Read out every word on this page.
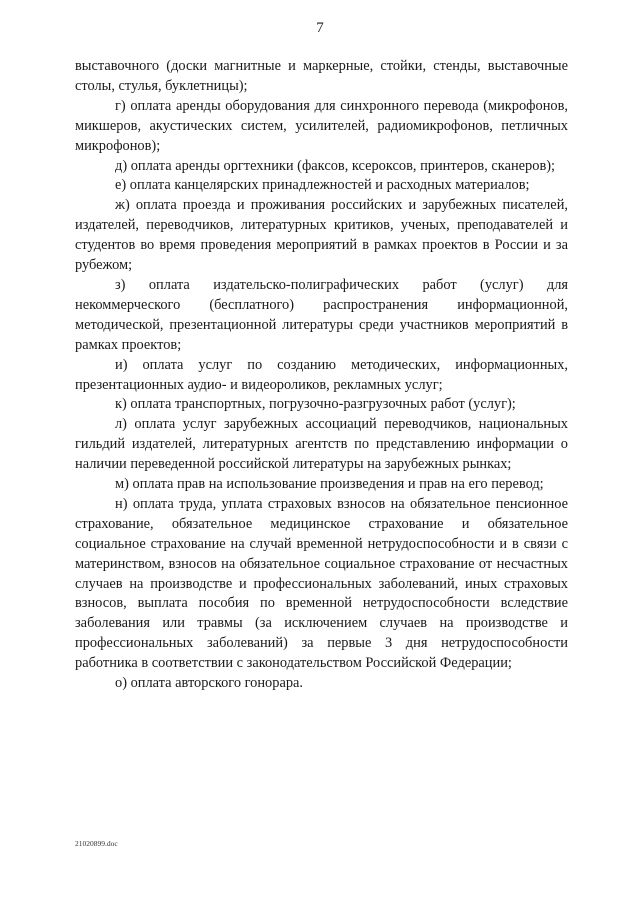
7

выставочного (доски магнитные и маркерные, стойки, стенды, выставочные столы, стулья, буклетницы);

г) оплата аренды оборудования для синхронного перевода (микрофонов, микшеров, акустических систем, усилителей, радиомикрофонов, петличных микрофонов);

д) оплата аренды оргтехники (факсов, ксероксов, принтеров, сканеров);

е) оплата канцелярских принадлежностей и расходных материалов;

ж) оплата проезда и проживания российских и зарубежных писателей, издателей, переводчиков, литературных критиков, ученых, преподавателей и студентов во время проведения мероприятий в рамках проектов в России и за рубежом;

з) оплата издательско-полиграфических работ (услуг) для некоммерческого (бесплатного) распространения информационной, методической, презентационной литературы среди участников мероприятий в рамках проектов;

и) оплата услуг по созданию методических, информационных, презентационных аудио- и видеороликов, рекламных услуг;

к) оплата транспортных, погрузочно-разгрузочных работ (услуг);

л) оплата услуг зарубежных ассоциаций переводчиков, национальных гильдий издателей, литературных агентств по представлению информации о наличии переведенной российской литературы на зарубежных рынках;

м) оплата прав на использование произведения и прав на его перевод;

н) оплата труда, уплата страховых взносов на обязательное пенсионное страхование, обязательное медицинское страхование и обязательное социальное страхование на случай временной нетрудоспособности и в связи с материнством, взносов на обязательное социальное страхование от несчастных случаев на производстве и профессиональных заболеваний, иных страховых взносов, выплата пособия по временной нетрудоспособности вследствие заболевания или травмы (за исключением случаев на производстве и профессиональных заболеваний) за первые 3 дня нетрудоспособности работника в соответствии с законодательством Российской Федерации;

о) оплата авторского гонорара.

21020899.doc
